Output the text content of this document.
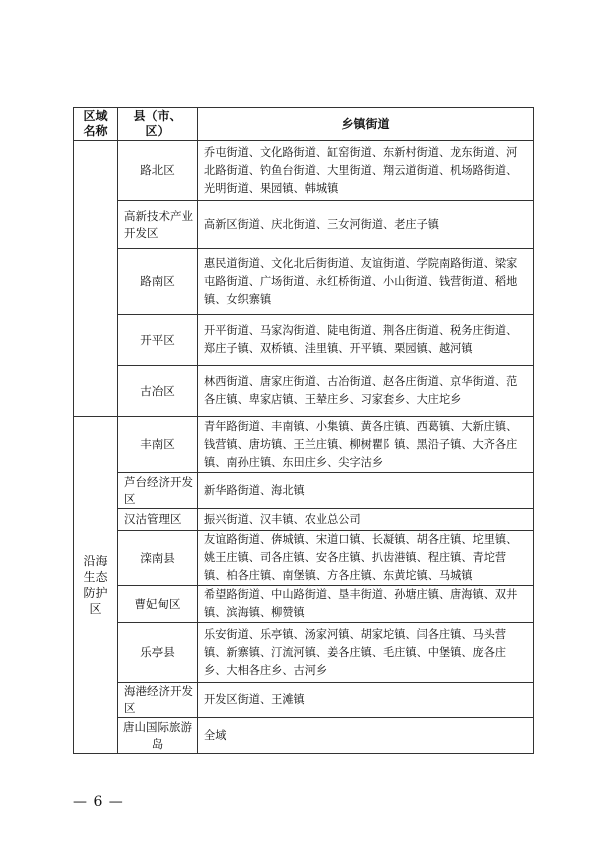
区域名称	县（市、区）	乡镇街道

	路北区	乔屯街道、文化路街道、缸窑街道、东新村街道、龙东街道、河北路街道、钓鱼台街道、大里街道、翔云道街道、机场路街道、光明街道、果园镇、韩城镇
	高新技术产业开发区	高新区街道、庆北街道、三女河街道、老庄子镇
	路南区	惠民道街道、文化北后街街道、友谊街道、学院南路街道、梁家屯路街道、广场街道、永红桥街道、小山街道、钱营街道、稻地镇、女织寨镇
	开平区	开平街道、马家沟街道、陡电街道、荆各庄街道、税务庄街道、郑庄子镇、双桥镇、洼里镇、开平镇、栗园镇、越河镇
	古冶区	林西街道、唐家庄街道、古冶街道、赵各庄街道、京华街道、范各庄镇、卑家店镇、王辇庄乡、习家套乡、大庄坨乡

沿海生态防护区	丰南区	青年路街道、丰南镇、小集镇、黄各庄镇、西葛镇、大新庄镇、钱营镇、唐坊镇、王兰庄镇、柳树瞿阝镇、黑沿子镇、大齐各庄镇、南孙庄镇、东田庄乡、尖字沽乡
	芦台经济开发区	新华路街道、海北镇
	汉沽管理区	振兴街道、汉丰镇、农业总公司
	滦南县	友谊路街道、倴城镇、宋道口镇、长凝镇、胡各庄镇、坨里镇、姚王庄镇、司各庄镇、安各庄镇、扒齿港镇、程庄镇、青坨营镇、柏各庄镇、南堡镇、方各庄镇、东黄坨镇、马城镇
	曹妃甸区	希望路街道、中山路街道、垦丰街道、孙塘庄镇、唐海镇、双井镇、滨海镇、柳赞镇
	乐亭县	乐安街道、乐亭镇、汤家河镇、胡家坨镇、闫各庄镇、马头营镇、新寨镇、汀流河镇、姜各庄镇、毛庄镇、中堡镇、庞各庄乡、大相各庄乡、古河乡
	海港经济开发区	开发区街道、王滩镇
	唐山国际旅游岛	全域
— 6 —
